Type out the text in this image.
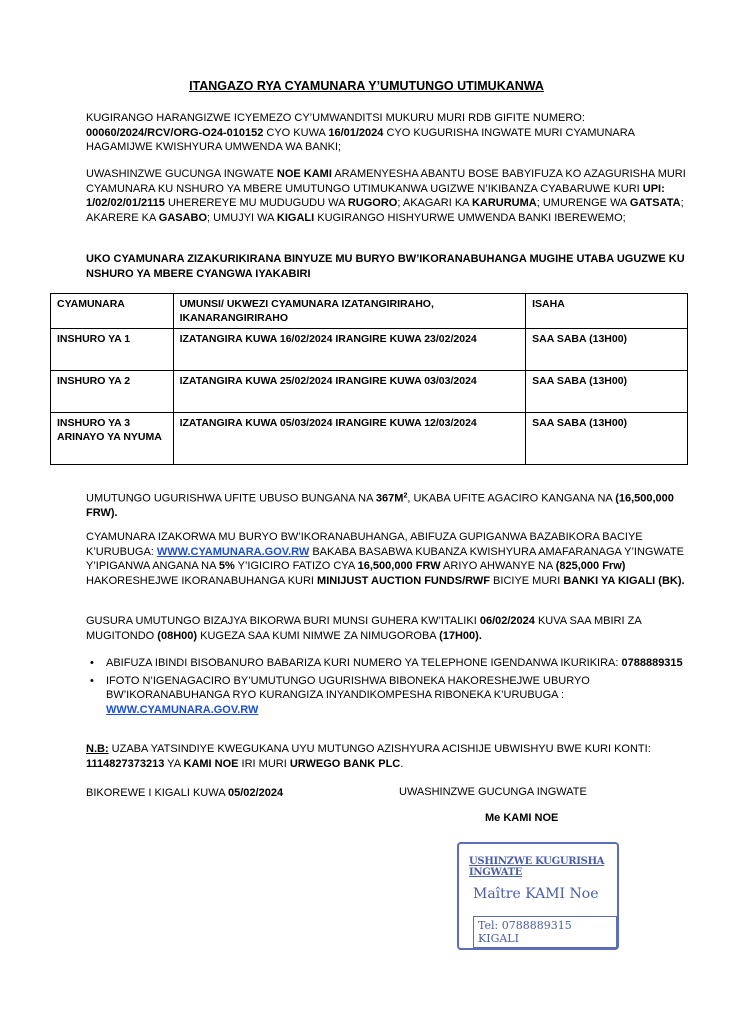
ITANGAZO RYA CYAMUNARA Y’UMUTUNGO UTIMUKANWA
KUGIRANGO HARANGIZWE ICYEMEZO CY’UMWANDITSI MUKURU MURI RDB GIFITE NUMERO: 00060/2024/RCV/ORG-O24-010152 CYO KUWA 16/01/2024 CYO KUGURISHA INGWATE MURI CYAMUNARA HAGAMIJWE KWISHYURA UMWENDA WA BANKI;
UWASHINZWE GUCUNGA INGWATE NOE KAMI ARAMENYESHA ABANTU BOSE BABYIFUZA KO AZAGURISHA MURI CYAMUNARA KU NSHURO YA MBERE UMUTUNGO UTIMUKANWA UGIZWE N’IKIBANZA CYABARUWE KURI UPI: 1/02/02/01/2115 UHEREREYE MU MUDUGUDU WA RUGORO; AKAGARI KA KARURUMA; UMURENGE WA GATSATA; AKARERE KA GASABO; UMUJYI WA KIGALI KUGIRANGO HISHYURWE UMWENDA BANKI IBEREWEMO;
UKO CYAMUNARA ZIZAKURIKIRANA BINYUZE MU BURYO BW’IKORANABUHANGA MUGIHE UTABA UGUZWE KU NSHURO YA MBERE CYANGWA IYAKABIRI
CYAMUNARA	UMUNSI/ UKWEZI CYAMUNARA IZATANGIRIRAHO, IKANARANGIRIRAHO	ISAHA
INSHURO YA 1	IZATANGIRA KUWA 16/02/2024 IRANGIRE KUWA 23/02/2024	SAA SABA (13H00)
INSHURO YA 2	IZATANGIRA KUWA 25/02/2024 IRANGIRE KUWA 03/03/2024	SAA SABA (13H00)
INSHURO YA 3 ARINAYO YA NYUMA	IZATANGIRA KUWA 05/03/2024 IRANGIRE KUWA 12/03/2024	SAA SABA (13H00)
UMUTUNGO UGURISHWA UFITE UBUSO BUNGANA NA $367M^2$, UKABA UFITE AGACIRO KANGANA NA (16,500,000 FRW).
CYAMUNARA IZAKORWA MU BURYO BW’IKORANABUHANGA, ABIFUZA GUPIGANWA BAZABIKORA BACIYE K’URUBUGA: WWW.CYAMUNARA.GOV.RW BAKABA BASABWA KUBANZA KWISHYURA AMAFARANAGA Y’INGWATE Y’IPIGANWA ANGANA NA 5% Y’IGICIRO FATIZO CYA 16,500,000 FRW ARIYO AHWANYE NA (825,000 Frw) HAKORESHEJWE IKORANABUHANGA KURI MINIJUST AUCTION FUNDS/RWF BICIYE MURI BANKI YA KIGALI (BK).
GUSURA UMUTUNGO BIZAJYA BIKORWA BURI MUNSI GUHERA KW’ITALIKI 06/02/2024 KUVA SAA MBIRI ZA MUGITONDO (08H00) KUGEZA SAA KUMI NIMWE ZA NIMUGOROBA (17H00).
• ABIFUZA IBINDI BISOBANURO BABARIZA KURI NUMERO YA TELEPHONE IGENDANWA IKURIKIRA: 0788889315
• IFOTO N’IGENAGACIRO BY’UMUTUNGO UGURISHWA BIBONEKA HAKORESHEJWE UBURYO BW’IKORANABUHANGA RYO KURANGIZA INYANDIKOMPESHA RIBONEKA K’URUBUGA : WWW.CYAMUNARA.GOV.RW
N.B: UZABA YATSINDIYE KWEGUKANA UYU MUTUNGO AZISHYURA ACISHIJE UBWISHYU BWE KURI KONTI: 1114827373213 YA KAMI NOE IRI MURI URWEGO BANK PLC.
BIKOREWE I KIGALI KUWA 05/02/2024	UWASHINZWE GUCUNGA INGWATE
Me KAMI NOE
USHINZWE KUGURISHA INGWATE
Maître KAMI Noe
Tel: 0788889315 KIGALI
